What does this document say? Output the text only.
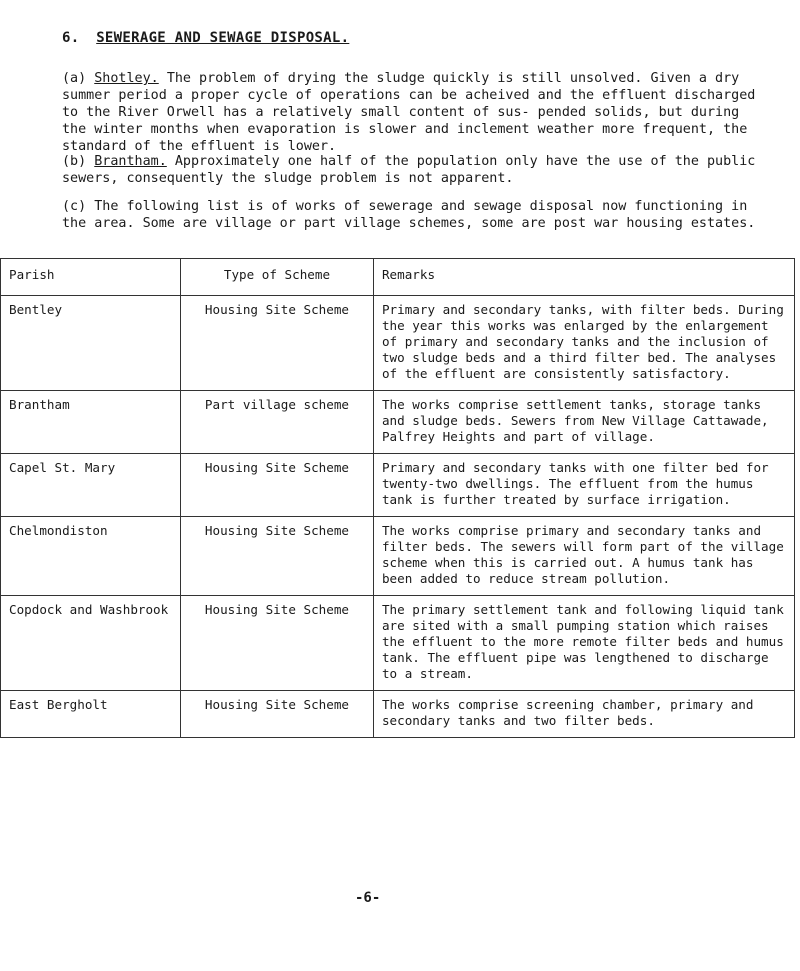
6. SEWERAGE AND SEWAGE DISPOSAL.

(a) Shotley. The problem of drying the sludge quickly is still unsolved. Given a dry summer period a proper cycle of operations can be acheived and the effluent discharged to the River Orwell has a relatively small content of sus- pended solids, but during the winter months when evaporation is slower and inclement weather more frequent, the standard of the effluent is lower.

(b) Brantham. Approximately one half of the population only have the use of the public sewers, consequently the sludge problem is not apparent.

(c) The following list is of works of sewerage and sewage disposal now functioning in the area. Some are village or part village schemes, some are post war housing estates.

Parish	Type of Scheme	Remarks
Bentley	Housing Site Scheme	Primary and secondary tanks, with filter beds. During the year this works was enlarged by the enlargement of primary and secondary tanks and the inclusion of two sludge beds and a third filter bed. The analyses of the effluent are consistently satisfactory.
Brantham	Part village scheme	The works comprise settlement tanks, storage tanks and sludge beds. Sewers from New Village Cattawade, Palfrey Heights and part of village.
Capel St. Mary	Housing Site Scheme	Primary and secondary tanks with one filter bed for twenty-two dwellings. The effluent from the humus tank is further treated by surface irrigation.
Chelmondiston	Housing Site Scheme	The works comprise primary and secondary tanks and filter beds. The sewers will form part of the village scheme when this is carried out. A humus tank has been added to reduce stream pollution.
Copdock and Washbrook	Housing Site Scheme	The primary settlement tank and following liquid tank are sited with a small pumping station which raises the effluent to the more remote filter beds and humus tank. The effluent pipe was lengthened to discharge to a stream.
East Bergholt	Housing Site Scheme	The works comprise screening chamber, primary and secondary tanks and two filter beds.
-6-
